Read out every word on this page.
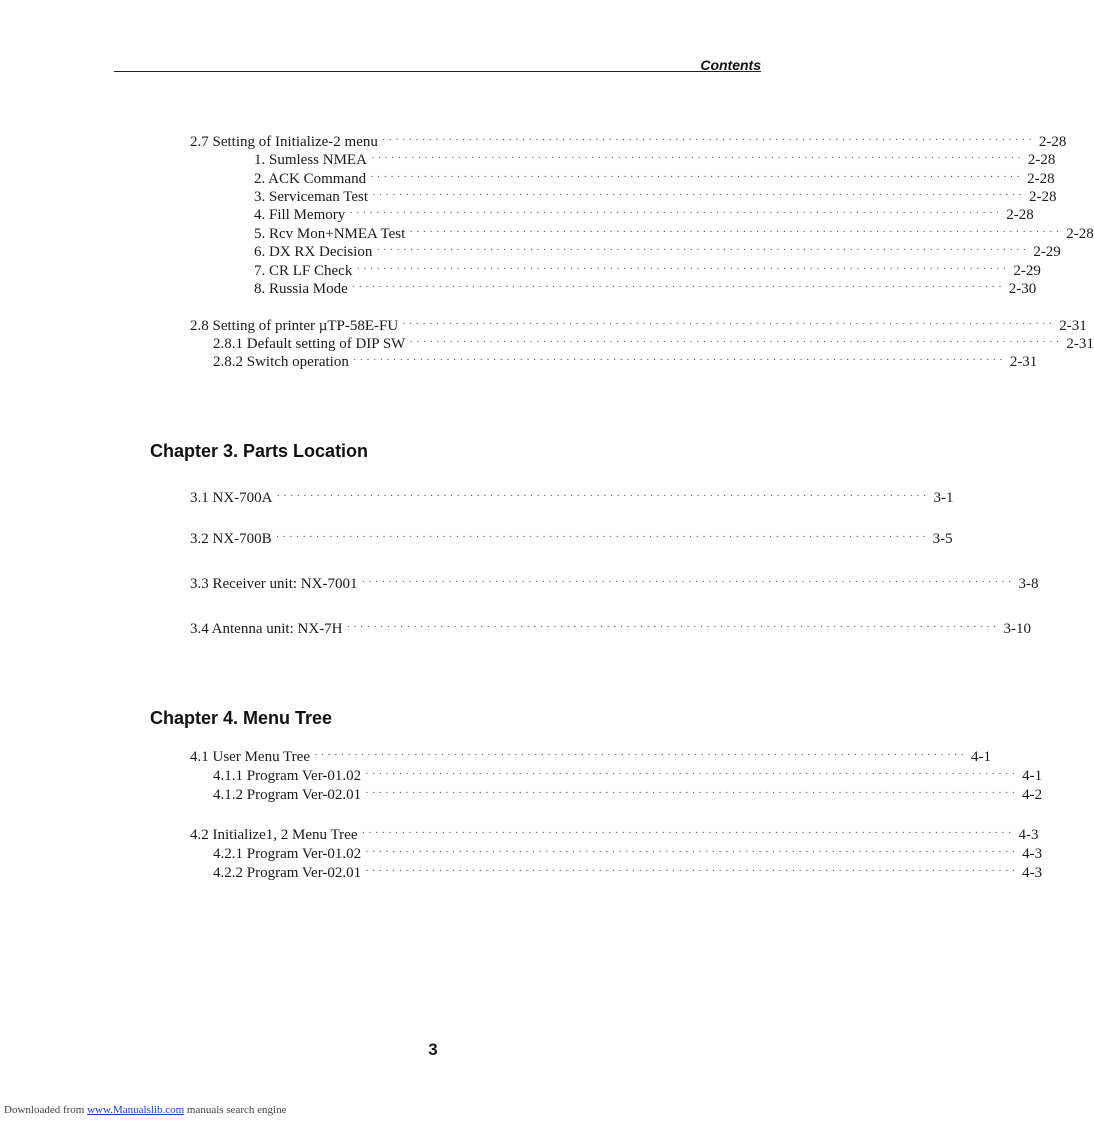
Contents
2.7 Setting of Initialize-2 menu ·································································································· 2-28
1. Sumless NMEA ·································································································· 2-28
2. ACK Command ·································································································· 2-28
3. Serviceman Test ·································································································· 2-28
4. Fill Memory ·································································································· 2-28
5. Rcv Mon+NMEA Test ·································································································· 2-28
6. DX RX Decision ·································································································· 2-29
7. CR LF Check ·································································································· 2-29
8. Russia Mode ·································································································· 2-30
2.8 Setting of printer µTP-58E-FU ·································································································· 2-31
2.8.1 Default setting of DIP SW ·································································································· 2-31
2.8.2 Switch operation ·································································································· 2-31
Chapter 3. Parts Location
3.1 NX-700A ·································································································· 3-1
3.2 NX-700B ·································································································· 3-5
3.3 Receiver unit: NX-7001 ·································································································· 3-8
3.4 Antenna unit: NX-7H ·································································································· 3-10
Chapter 4. Menu Tree
4.1 User Menu Tree ·································································································· 4-1
4.1.1 Program Ver-01.02 ·································································································· 4-1
4.1.2 Program Ver-02.01 ·································································································· 4-2
4.2 Initialize1, 2 Menu Tree ·································································································· 4-3
4.2.1 Program Ver-01.02 ·································································································· 4-3
4.2.2 Program Ver-02.01 ·································································································· 4-3
3
Downloaded from www.Manualslib.com manuals search engine
